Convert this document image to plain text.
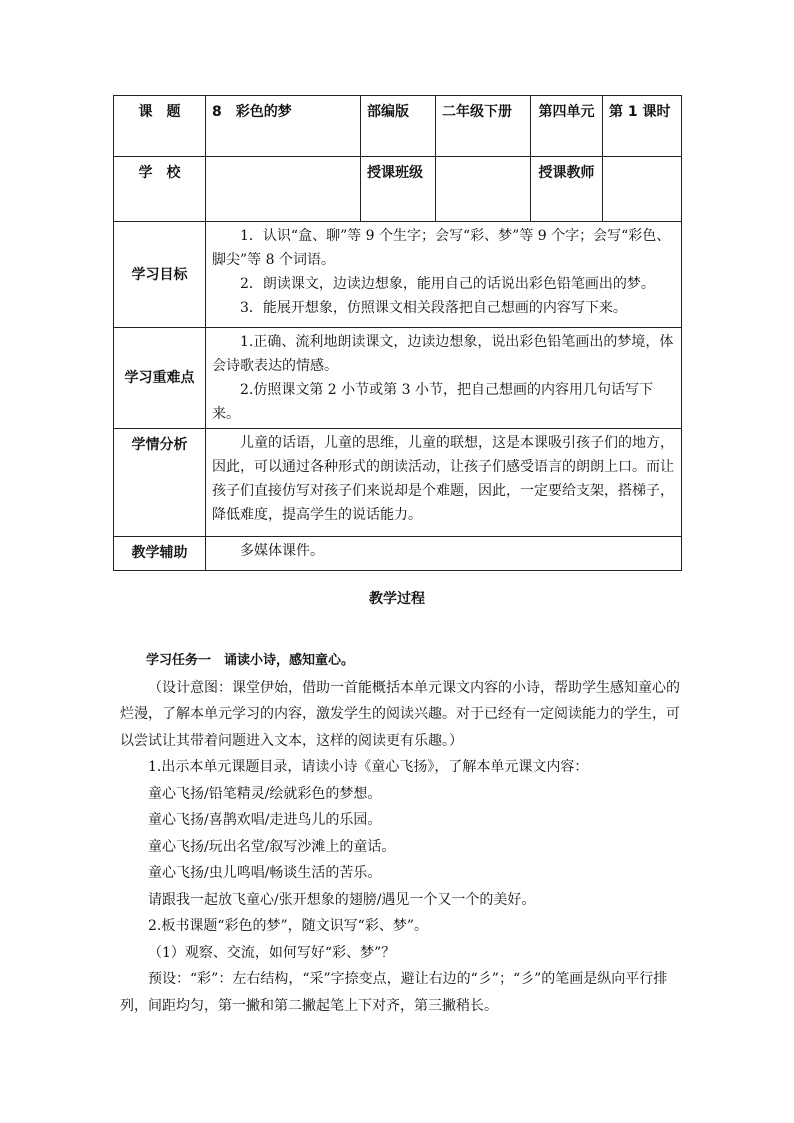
课　题	8　彩色的梦	部编版	二年级下册	第四单元	第 1 课时
学　校		授课班级		授课教师	
学习目标	1．认识“盒、聊”等 9 个生字；会写“彩、梦”等 9 个字；会写“彩色、脚尖”等 8 个词语。

2．朗读课文，边读边想象，能用自己的话说出彩色铅笔画出的梦。

3．能展开想象，仿照课文相关段落把自己想画的内容写下来。				

学习重难点	1.正确、流利地朗读课文，边读边想象，说出彩色铅笔画出的梦境，体会诗歌表达的情感。

2.仿照课文第 2 小节或第 3 小节，把自己想画的内容用几句话写下来。				

学情分析	儿童的话语，儿童的思维，儿童的联想，这是本课吸引孩子们的地方，因此，可以通过各种形式的朗读活动，让孩子们感受语言的朗朗上口。而让孩子们直接仿写对孩子们来说却是个难题，因此，一定要给支架，搭梯子，降低难度，提高学生的说话能力。				

教学辅助	多媒体课件。				

教学过程

学习任务一　诵读小诗，感知童心。

（设计意图：课堂伊始，借助一首能概括本单元课文内容的小诗，帮助学生感知童心的烂漫，了解本单元学习的内容，激发学生的阅读兴趣。对于已经有一定阅读能力的学生，可以尝试让其带着问题进入文本，这样的阅读更有乐趣。）

1.出示本单元课题目录，请读小诗《童心飞扬》，了解本单元课文内容：

童心飞扬/铅笔精灵/绘就彩色的梦想。

童心飞扬/喜鹊欢唱/走进鸟儿的乐园。

童心飞扬/玩出名堂/叙写沙滩上的童话。

童心飞扬/虫儿鸣唱/畅谈生活的苦乐。

请跟我一起放飞童心/张开想象的翅膀/遇见一个又一个的美好。

2.板书课题“彩色的梦”，随文识写“彩、梦”。

（1）观察、交流，如何写好“彩、梦”？

预设：“彩”：左右结构，“采”字捺变点，避让右边的“彡”；“彡”的笔画是纵向平行排列，间距均匀，第一撇和第二撇起笔上下对齐，第三撇稍长。
